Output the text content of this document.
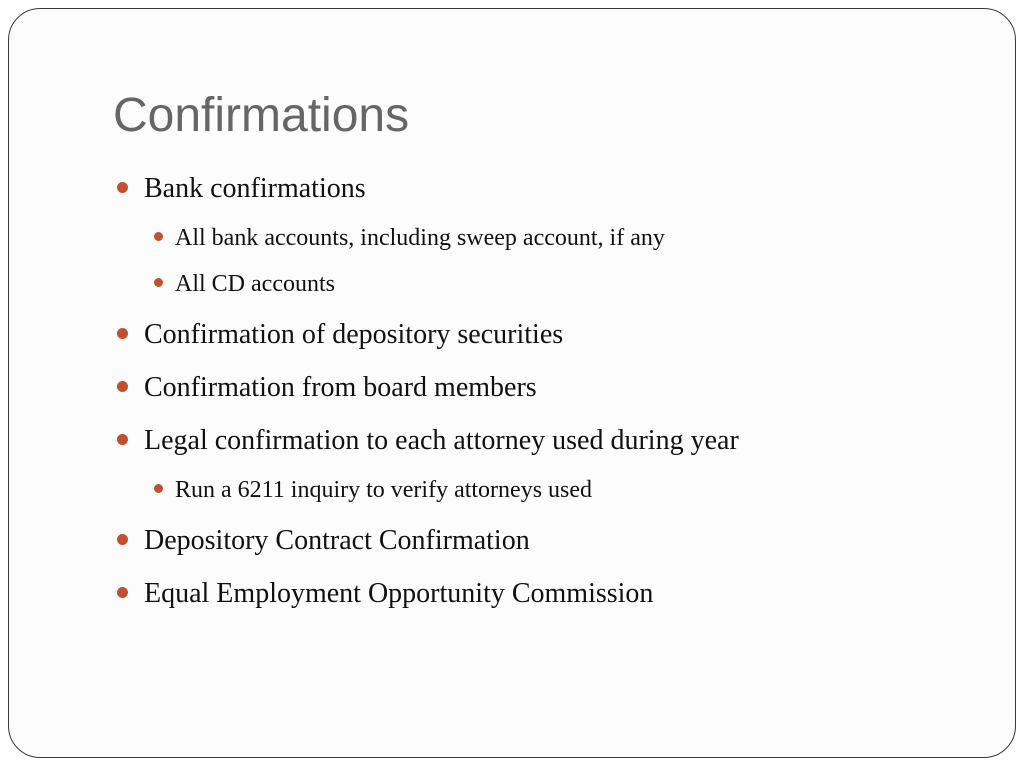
Confirmations
Bank confirmations
All bank accounts, including sweep account, if any
All CD accounts
Confirmation of depository securities
Confirmation from board members
Legal confirmation to each attorney used during year
Run a 6211 inquiry to verify attorneys used
Depository Contract Confirmation
Equal Employment Opportunity Commission
